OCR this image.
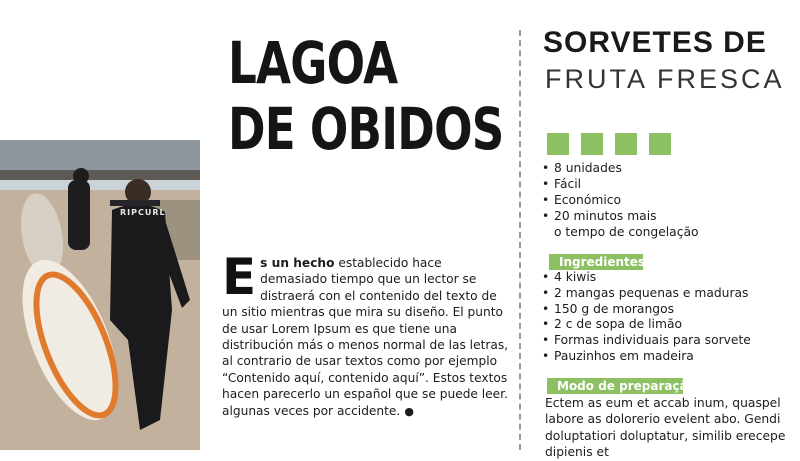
RIPCURL
LAGOA
DE OBIDOS
Es un hecho establecido hace demasiado tiempo que un lector se distraerá con el contenido del texto de un sitio mientras que mira su diseño. El punto de usar Lorem Ipsum es que tiene una distribución más o menos normal de las letras, al contrario de usar textos como por ejemplo “Contenido aquí, contenido aquí”. Estos textos hacen parecerlo un español que se puede leer. algunas veces por accidente. ●
SORVETES DE
FRUTA FRESCA
• 8 unidades
• Fácil
• Económico
• 20 minutos mais
o tempo de congelação
Ingredientes
• 4 kiwis
• 2 mangas pequenas e maduras
• 150 g de morangos
• 2 c de sopa de limão
• Formas individuais para sorvete
• Pauzinhos em madeira
Modo de preparação
Ectem as eum et accab inum, quaspel labore as dolorerio evelent abo. Gendi doluptatiori doluptatur, similib erecepe dipienis et
